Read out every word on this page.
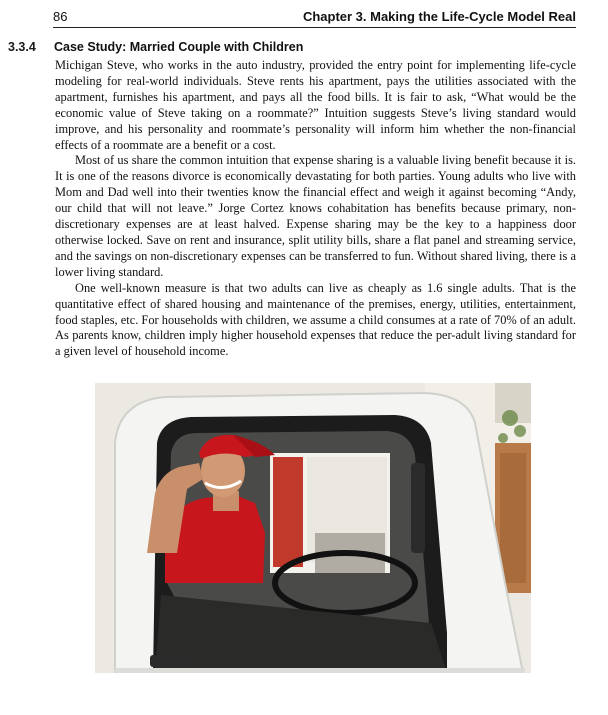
86	Chapter 3. Making the Life-Cycle Model Real
3.3.4 Case Study: Married Couple with Children

Michigan Steve, who works in the auto industry, provided the entry point for implementing life-cycle modeling for real-world individuals. Steve rents his apartment, pays the utilities associated with the apartment, furnishes his apartment, and pays all the food bills. It is fair to ask, “What would be the economic value of Steve taking on a roommate?” Intuition suggests Steve’s living standard would improve, and his personality and roommate’s personality will inform him whether the non-financial effects of a roommate are a benefit or a cost.

Most of us share the common intuition that expense sharing is a valuable living benefit because it is. It is one of the reasons divorce is economically devastating for both parties. Young adults who live with Mom and Dad well into their twenties know the financial effect and weigh it against becoming “Andy, our child that will not leave.” Jorge Cortez knows cohabitation has benefits because primary, non-discretionary expenses are at least halved. Expense sharing may be the key to a happiness door otherwise locked. Save on rent and insurance, split utility bills, share a flat panel and streaming service, and the savings on non-discretionary expenses can be transferred to fun. Without shared living, there is a lower living standard.

One well-known measure is that two adults can live as cheaply as 1.6 single adults. That is the quantitative effect of shared housing and maintenance of the premises, energy, utilities, entertainment, food staples, etc. For households with children, we assume a child consumes at a rate of 70% of an adult. As parents know, children imply higher household expenses that reduce the per-adult living standard for a given level of household income.
